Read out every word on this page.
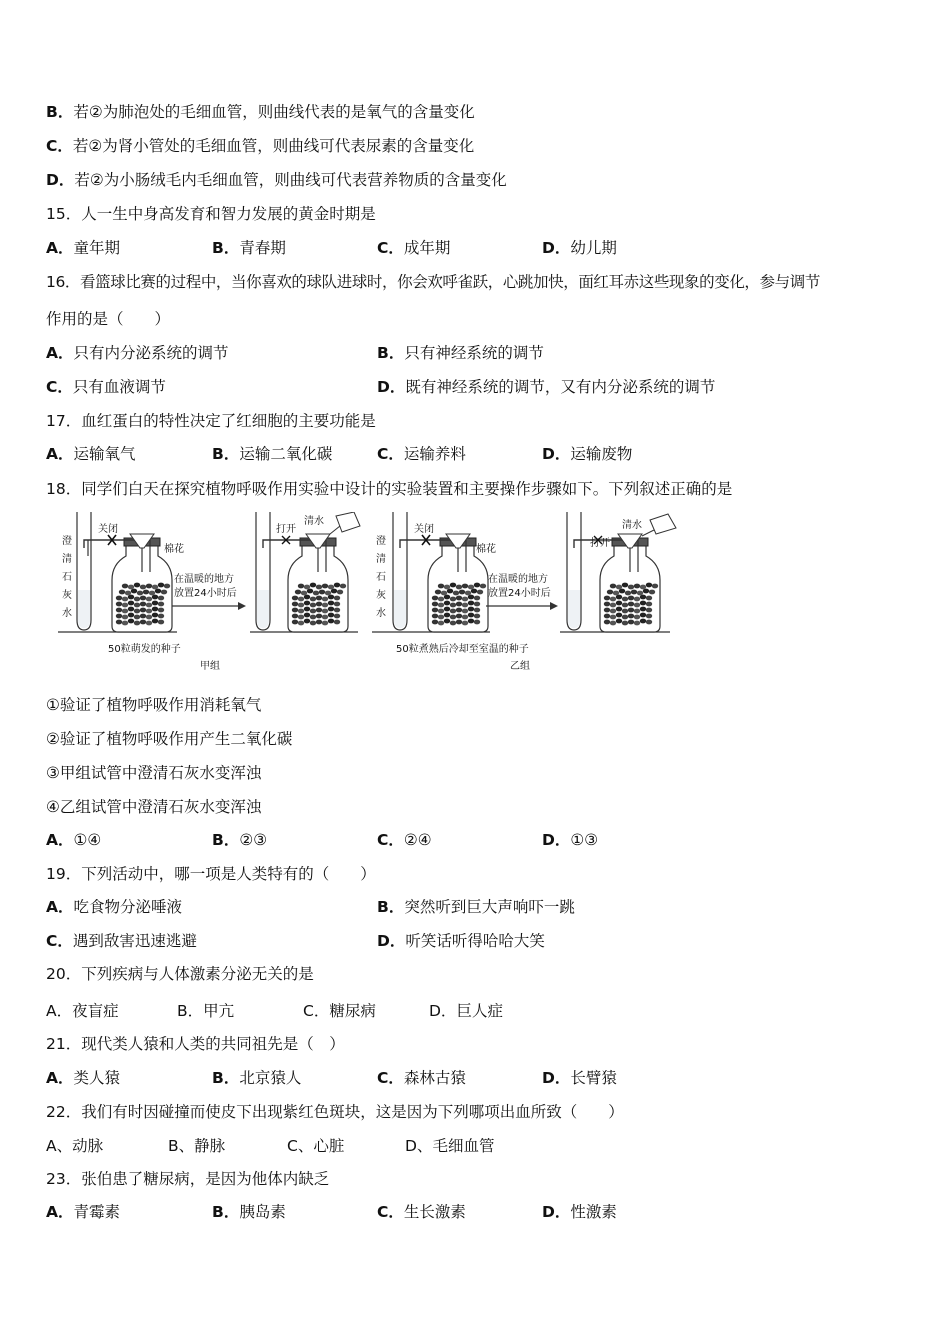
B．若②为肺泡处的毛细血管，则曲线代表的是氧气的含量变化
C．若②为肾小管处的毛细血管，则曲线可代表尿素的含量变化
D．若②为小肠绒毛内毛细血管，则曲线可代表营养物质的含量变化
15．人一生中身高发育和智力发展的黄金时期是
A．童年期	B．青春期	C．成年期	D．幼儿期
16．看篮球比赛的过程中，当你喜欢的球队进球时，你会欢呼雀跃，心跳加快，面红耳赤这些现象的变化，参与调节
作用的是（　　）
A．只有内分泌系统的调节	B．只有神经系统的调节
C．只有血液调节	D．既有神经系统的调节，又有内分泌系统的调节
17．血红蛋白的特性决定了红细胞的主要功能是
A．运输氧气	B．运输二氧化碳	C．运输养料	D．运输废物
18．同学们白天在探究植物呼吸作用实验中设计的实验装置和主要操作步骤如下。下列叙述正确的是
关闭
棉花
澄
清
石
灰
水
50粒萌发的种子
在温暖的地方
放置24小时后
打开
清水
甲组
关闭
棉花
澄
清
石
灰
水
50粒煮熟后冷却至室温的种子
在温暖的地方
放置24小时后
打开
清水
乙组
①验证了植物呼吸作用消耗氧气
②验证了植物呼吸作用产生二氧化碳
③甲组试管中澄清石灰水变浑浊
④乙组试管中澄清石灰水变浑浊
A．①④	B．②③	C．②④	D．①③
19．下列活动中，哪一项是人类特有的（　　）
A．吃食物分泌唾液	B．突然听到巨大声响吓一跳
C．遇到敌害迅速逃避	D．听笑话听得哈哈大笑
20．下列疾病与人体激素分泌无关的是
A．夜盲症	B．甲亢	C．糖尿病	D．巨人症
21．现代类人猿和人类的共同祖先是（　）
A．类人猿	B．北京猿人	C．森林古猿	D．长臂猿
22．我们有时因碰撞而使皮下出现紫红色斑块，这是因为下列哪项出血所致（　　）
A、动脉	B、静脉	C、心脏	D、毛细血管
23．张伯患了糖尿病，是因为他体内缺乏
A．青霉素	B．胰岛素	C．生长激素	D．性激素
